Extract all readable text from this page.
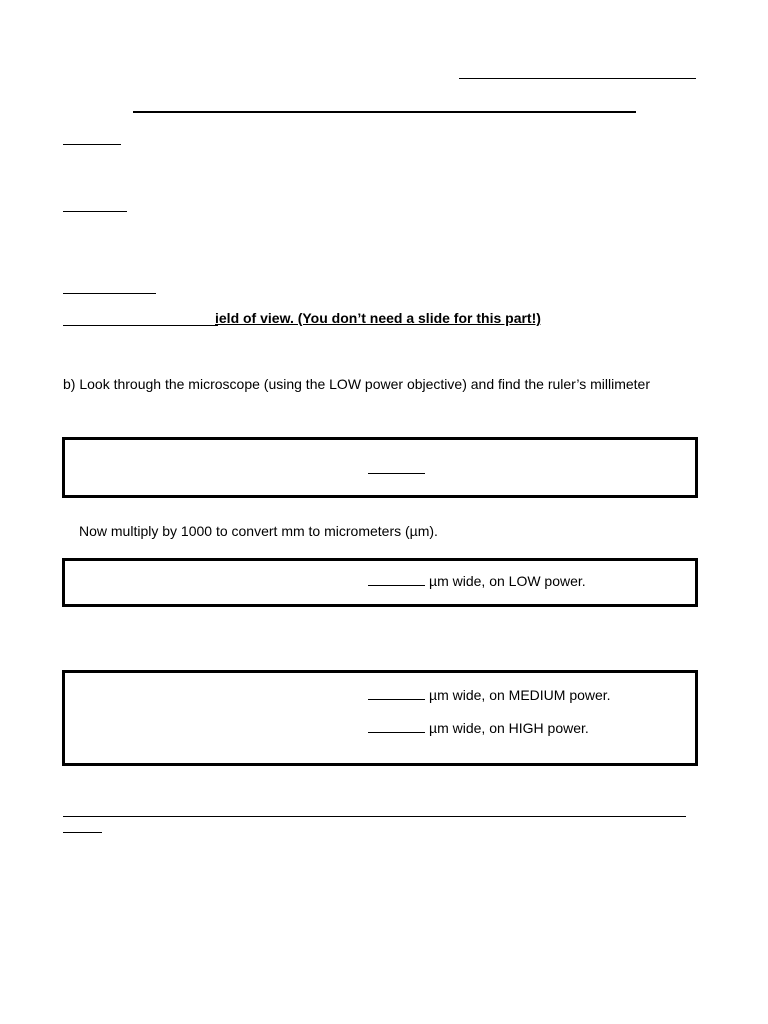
ield of view. (You don’t need a slide for this part!)
b) Look through the microscope (using the LOW power objective) and find the ruler’s millimeter
Now multiply by 1000 to convert mm to micrometers (µm).
µm wide, on LOW power.
µm wide, on MEDIUM power.
µm wide, on HIGH power.
